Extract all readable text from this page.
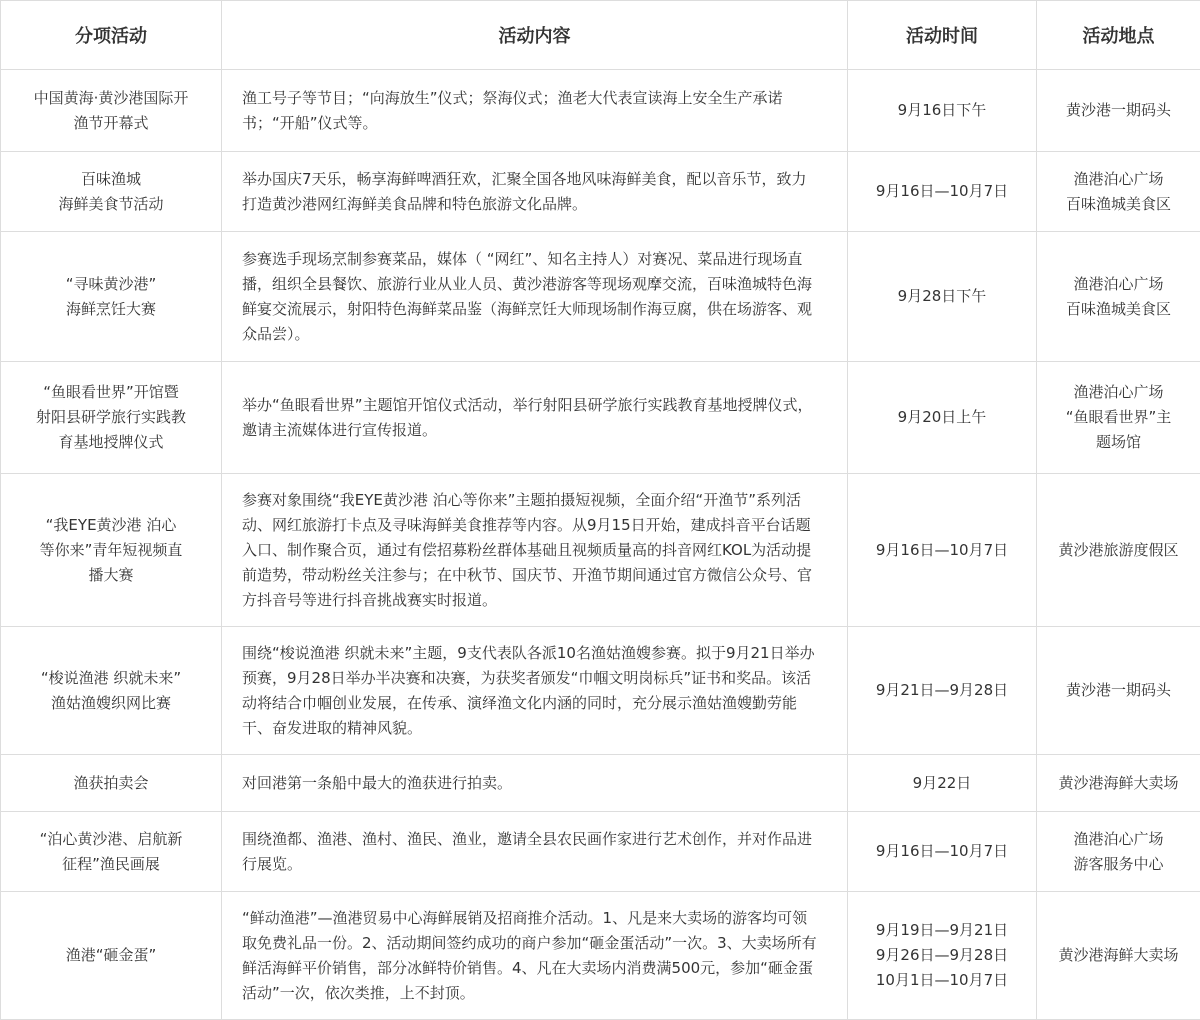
分项活动	活动内容	活动时间	活动地点

中国黄海·黄沙港国际开
渔节开幕式	渔工号子等节目；“向海放生”仪式；祭海仪式；渔老大代表宣读海上安全生产承诺书；“开船”仪式等。	9月16日下午	黄沙港一期码头

百味渔城
海鲜美食节活动	举办国庆7天乐，畅享海鲜啤酒狂欢，汇聚全国各地风味海鲜美食，配以音乐节，致力打造黄沙港网红海鲜美食品牌和特色旅游文化品牌。	9月16日—10月7日	渔港泊心广场
百味渔城美食区

“寻味黄沙港”
海鲜烹饪大赛	参赛选手现场烹制参赛菜品，媒体（ “网红”、知名主持人）对赛况、菜品进行现场直播，组织全县餐饮、旅游行业从业人员、黄沙港游客等现场观摩交流，百味渔城特色海鲜宴交流展示，射阳特色海鲜菜品鉴（海鲜烹饪大师现场制作海豆腐，供在场游客、观众品尝）。	9月28日下午	渔港泊心广场
百味渔城美食区

“鱼眼看世界”开馆暨
射阳县研学旅行实践教
育基地授牌仪式	举办“鱼眼看世界”主题馆开馆仪式活动，举行射阳县研学旅行实践教育基地授牌仪式，邀请主流媒体进行宣传报道。	9月20日上午	渔港泊心广场
“鱼眼看世界”主
题场馆

“我EYE黄沙港 泊心
等你来”青年短视频直
播大赛	参赛对象围绕“我EYE黄沙港 泊心等你来”主题拍摄短视频，全面介绍“开渔节”系列活动、网红旅游打卡点及寻味海鲜美食推荐等内容。从9月15日开始，建成抖音平台话题入口、制作聚合页，通过有偿招募粉丝群体基础且视频质量高的抖音网红KOL为活动提前造势，带动粉丝关注参与；在中秋节、国庆节、开渔节期间通过官方微信公众号、官方抖音号等进行抖音挑战赛实时报道。	9月16日—10月7日	黄沙港旅游度假区

“梭说渔港 织就未来”
渔姑渔嫂织网比赛	围绕“梭说渔港 织就未来”主题，9支代表队各派10名渔姑渔嫂参赛。拟于9月21日举办预赛，9月28日举办半决赛和决赛，为获奖者颁发“巾帼文明岗标兵”证书和奖品。该活动将结合巾帼创业发展，在传承、演绎渔文化内涵的同时，充分展示渔姑渔嫂勤劳能干、奋发进取的精神风貌。	9月21日—9月28日	黄沙港一期码头

渔获拍卖会	对回港第一条船中最大的渔获进行拍卖。	9月22日	黄沙港海鲜大卖场

“泊心黄沙港、启航新
征程”渔民画展	围绕渔都、渔港、渔村、渔民、渔业，邀请全县农民画作家进行艺术创作，并对作品进行展览。	9月16日—10月7日	渔港泊心广场
游客服务中心

渔港“砸金蛋”	“鲜动渔港”—渔港贸易中心海鲜展销及招商推介活动。1、凡是来大卖场的游客均可领取免费礼品一份。2、活动期间签约成功的商户参加“砸金蛋活动”一次。3、大卖场所有鲜活海鲜平价销售，部分冰鲜特价销售。4、凡在大卖场内消费满500元，参加“砸金蛋活动”一次，依次类推，上不封顶。	9月19日—9月21日
9月26日—9月28日
10月1日—10月7日	黄沙港海鲜大卖场
